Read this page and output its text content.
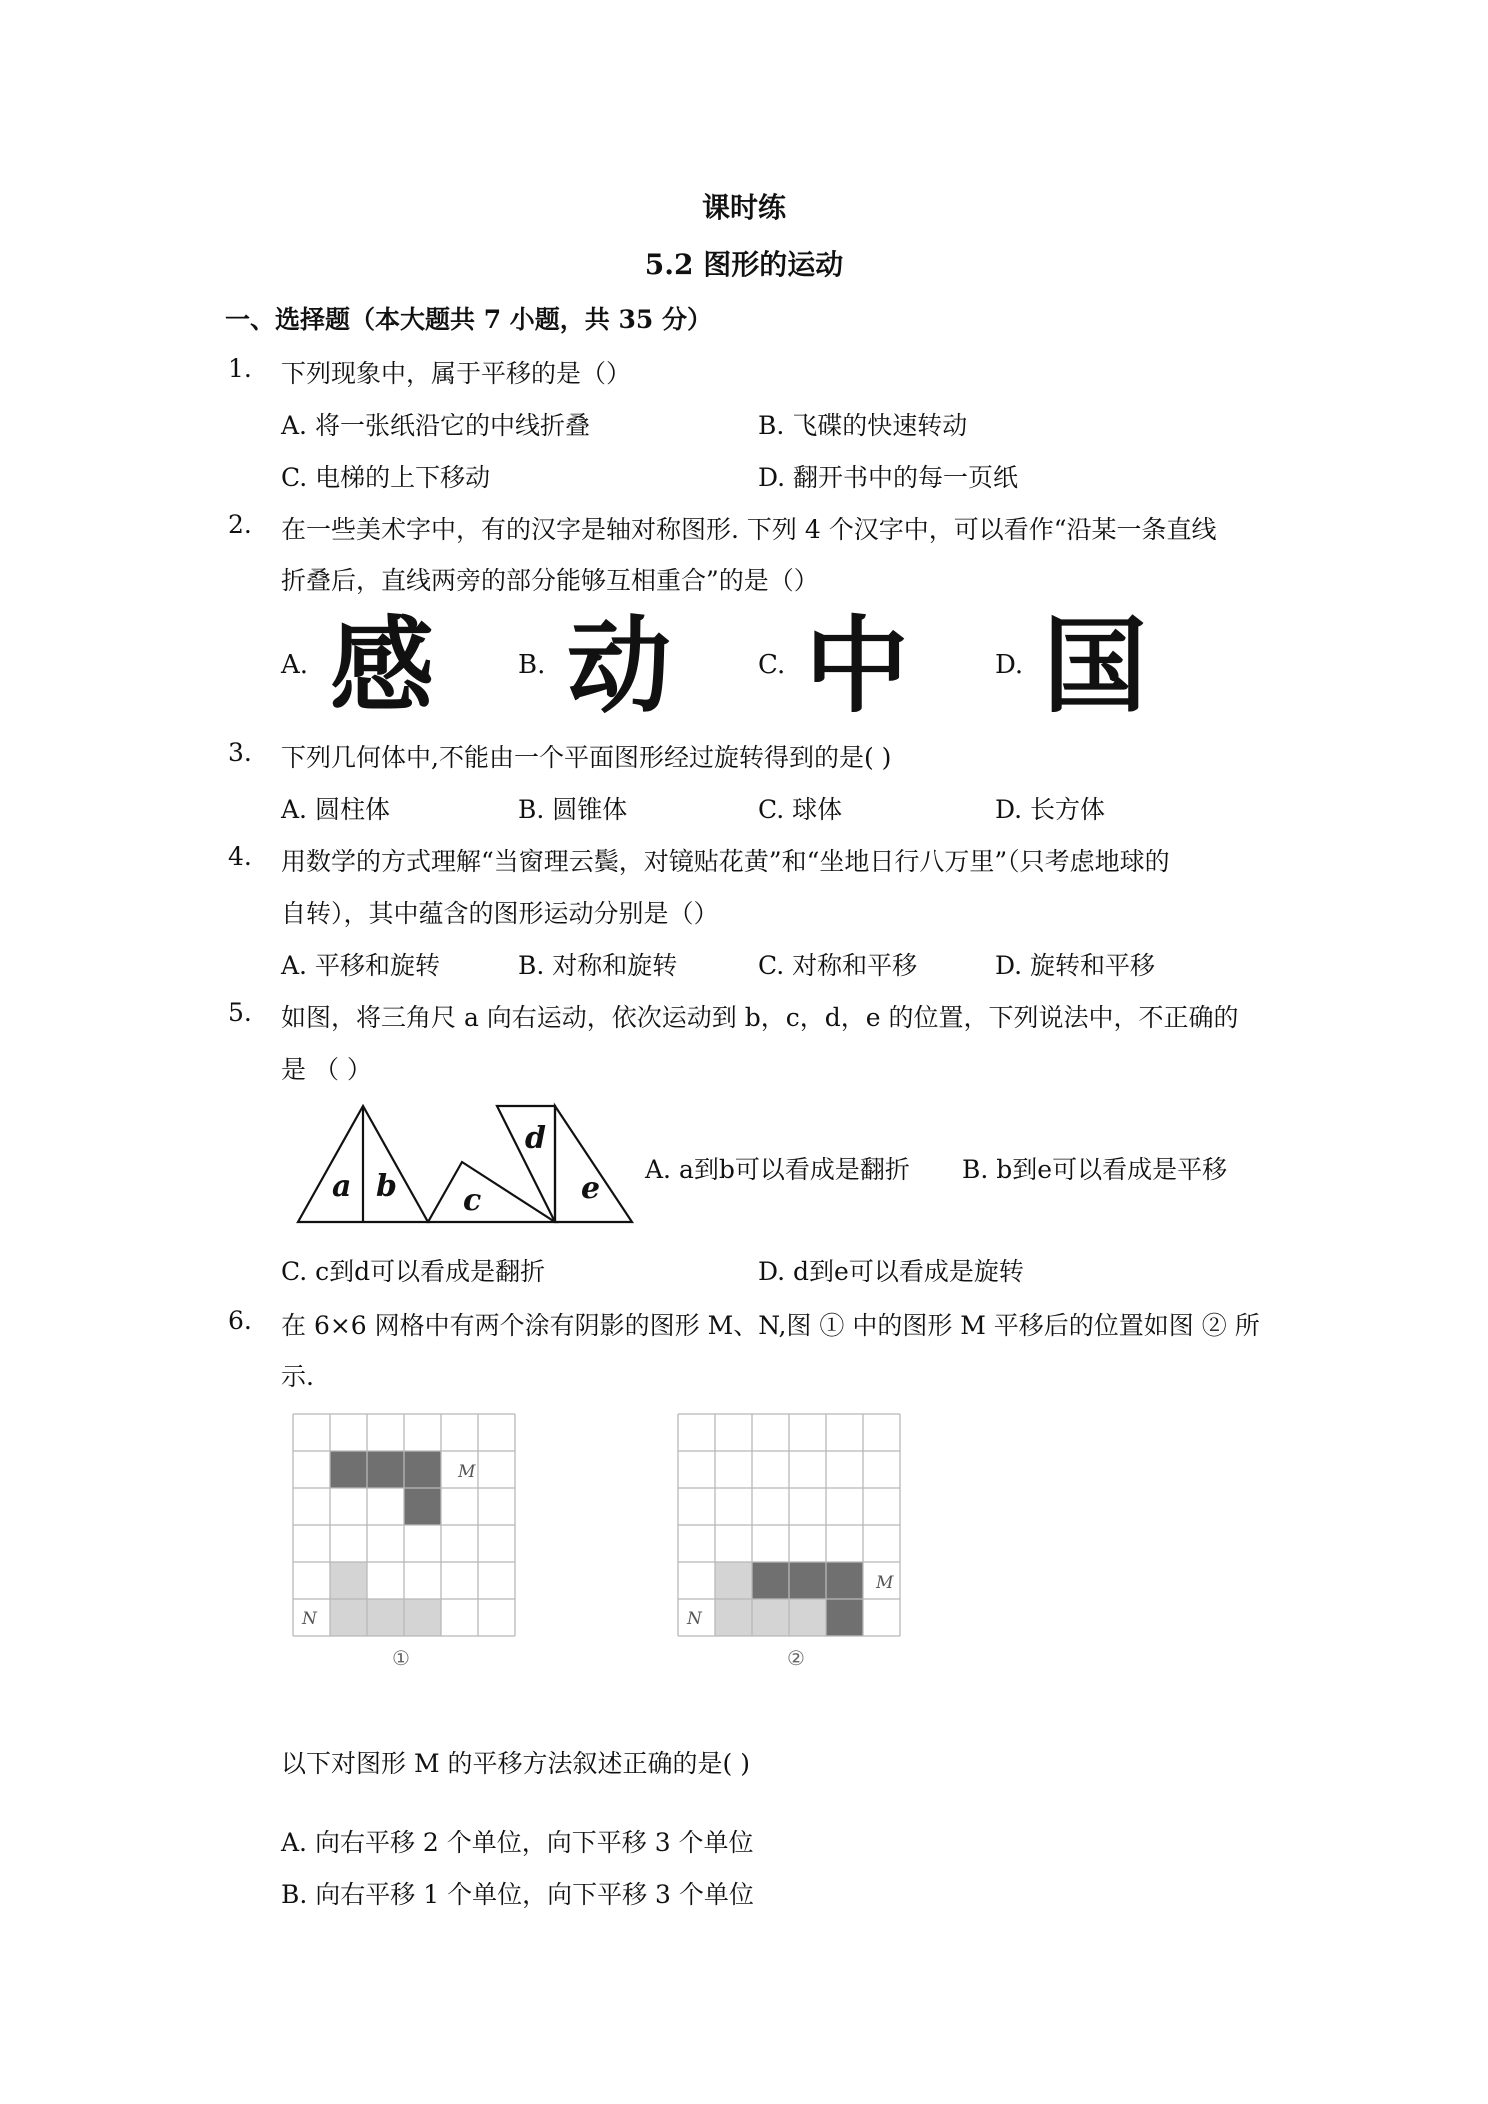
课时练
5.2 图形的运动
一、选择题（本大题共 7 小题，共 35 分）
1. 下列现象中，属于平移的是（）
A. 将一张纸沿它的中线折叠	B. 飞碟的快速转动
C. 电梯的上下移动	D. 翻开书中的每一页纸
2. 在一些美术字中，有的汉字是轴对称图形. 下列 4 个汉字中，可以看作“沿某一条直线
折叠后，直线两旁的部分能够互相重合”的是（）
A. 感	B. 动	C. 中	D. 国
3. 下列几何体中,不能由一个平面图形经过旋转得到的是( )
A. 圆柱体	B. 圆锥体	C. 球体	D. 长方体
4. 用数学的方式理解“当窗理云鬓，对镜贴花黄”和“坐地日行八万里”（只考虑地球的
自转），其中蕴含的图形运动分别是（）
A. 平移和旋转	B. 对称和旋转	C. 对称和平移	D. 旋转和平移
5. 如图，将三角尺 a 向右运动，依次运动到 b，c，d，e 的位置，下列说法中，不正确的
是 （ ）
a b c
d
e
A. a到b可以看成是翻折 B. b到e可以看成是平移
C. c到d可以看成是翻折	D. d到e可以看成是旋转
6. 在 6×6 网格中有两个涂有阴影的图形 M、N,图 ① 中的图形 M 平移后的位置如图 ② 所
示.
M
N
①
M
N
②
以下对图形 M 的平移方法叙述正确的是( )
A. 向右平移 2 个单位，向下平移 3 个单位
B. 向右平移 1 个单位，向下平移 3 个单位
